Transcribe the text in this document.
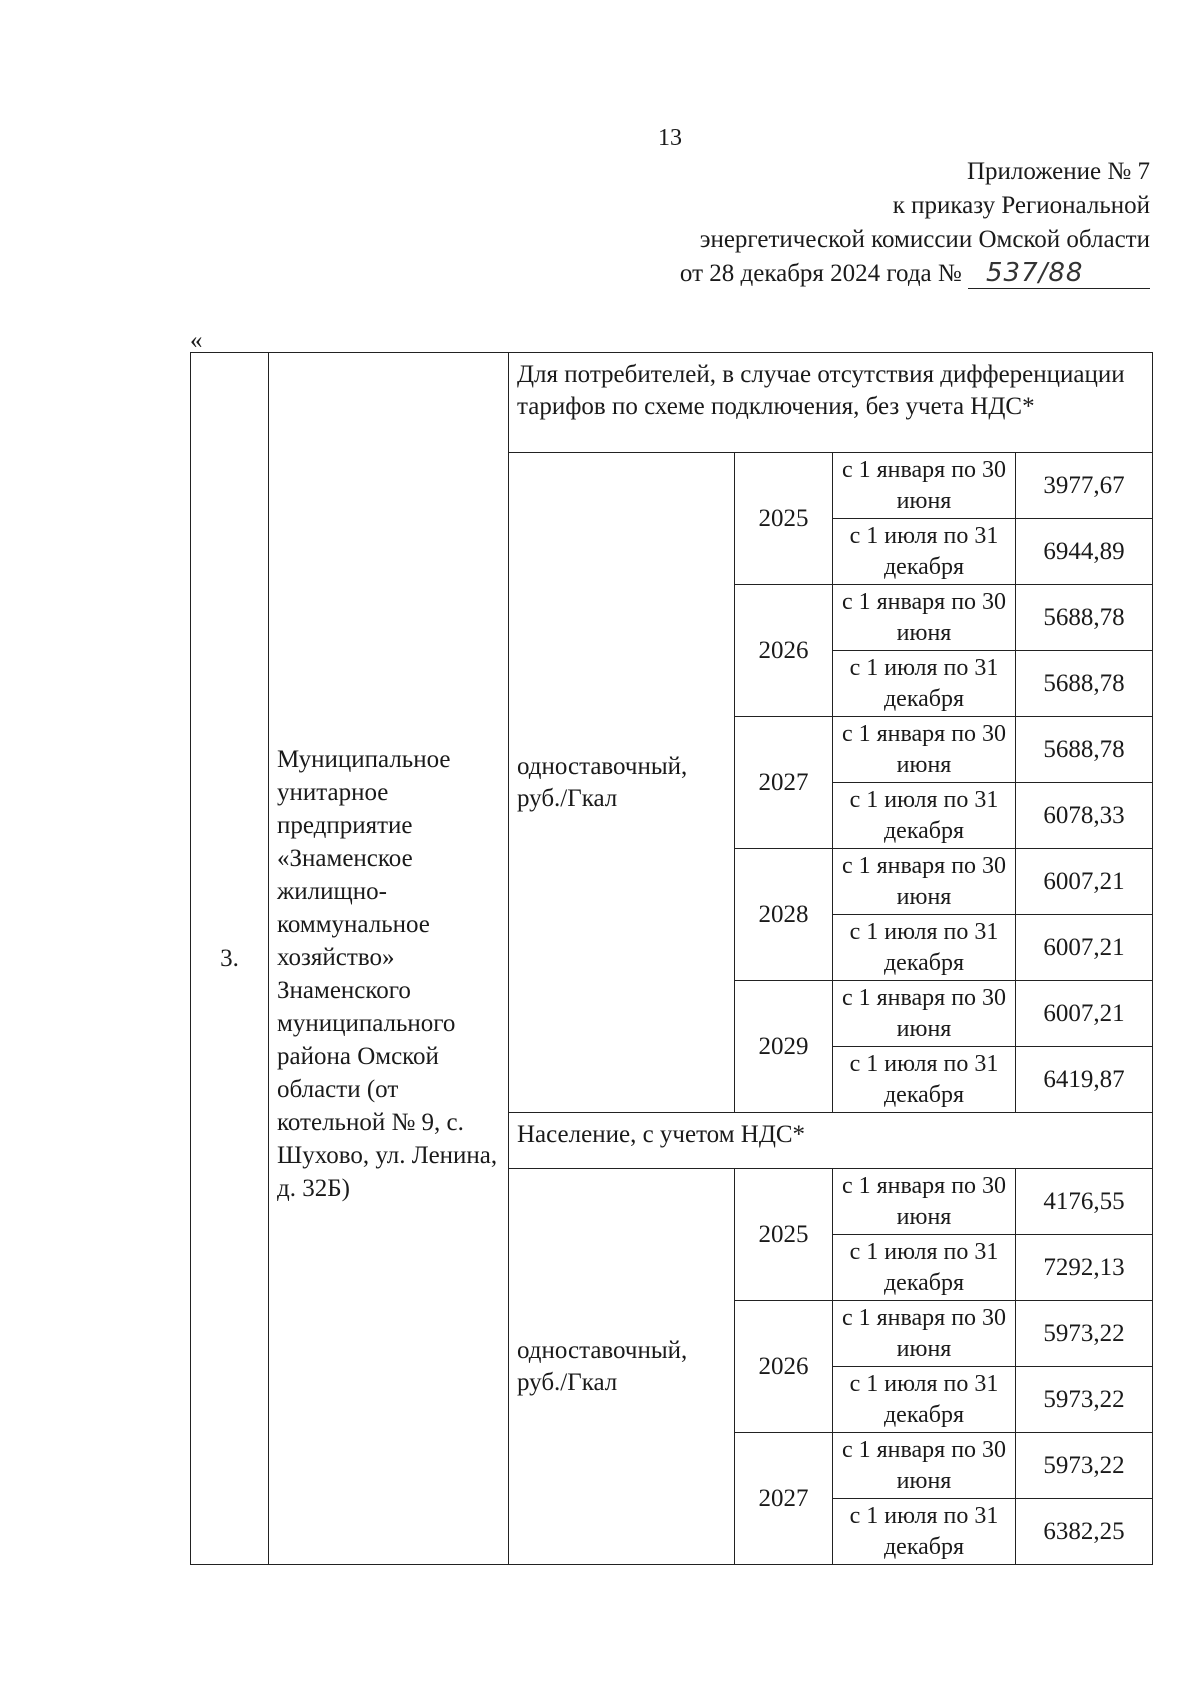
13
Приложение № 7
к приказу Региональной
энергетической комиссии Омской области
от 28 декабря 2024 года № 537/88
«
3.	Муниципальное унитарное предприятие «Знаменское жилищно-коммунальное хозяйство» Знаменского муниципального района Омской области (от котельной № 9, с. Шухово, ул. Ленина, д. 32Б)	Для потребителей, в случае отсутствия дифференциации тарифов по схеме подключения, без учета НДС*			
		одноставочный, руб./Гкал	2025	с 1 января по 30 июня	3977,67
				с 1 июля по 31 декабря	6944,89
			2026	с 1 января по 30 июня	5688,78
				с 1 июля по 31 декабря	5688,78
			2027	с 1 января по 30 июня	5688,78
				с 1 июля по 31 декабря	6078,33
			2028	с 1 января по 30 июня	6007,21
				с 1 июля по 31 декабря	6007,21
			2029	с 1 января по 30 июня	6007,21
				с 1 июля по 31 декабря	6419,87
		Население, с учетом НДС*			
		одноставочный, руб./Гкал	2025	с 1 января по 30 июня	4176,55
				с 1 июля по 31 декабря	7292,13
			2026	с 1 января по 30 июня	5973,22
				с 1 июля по 31 декабря	5973,22
			2027	с 1 января по 30 июня	5973,22
				с 1 июля по 31 декабря	6382,25
